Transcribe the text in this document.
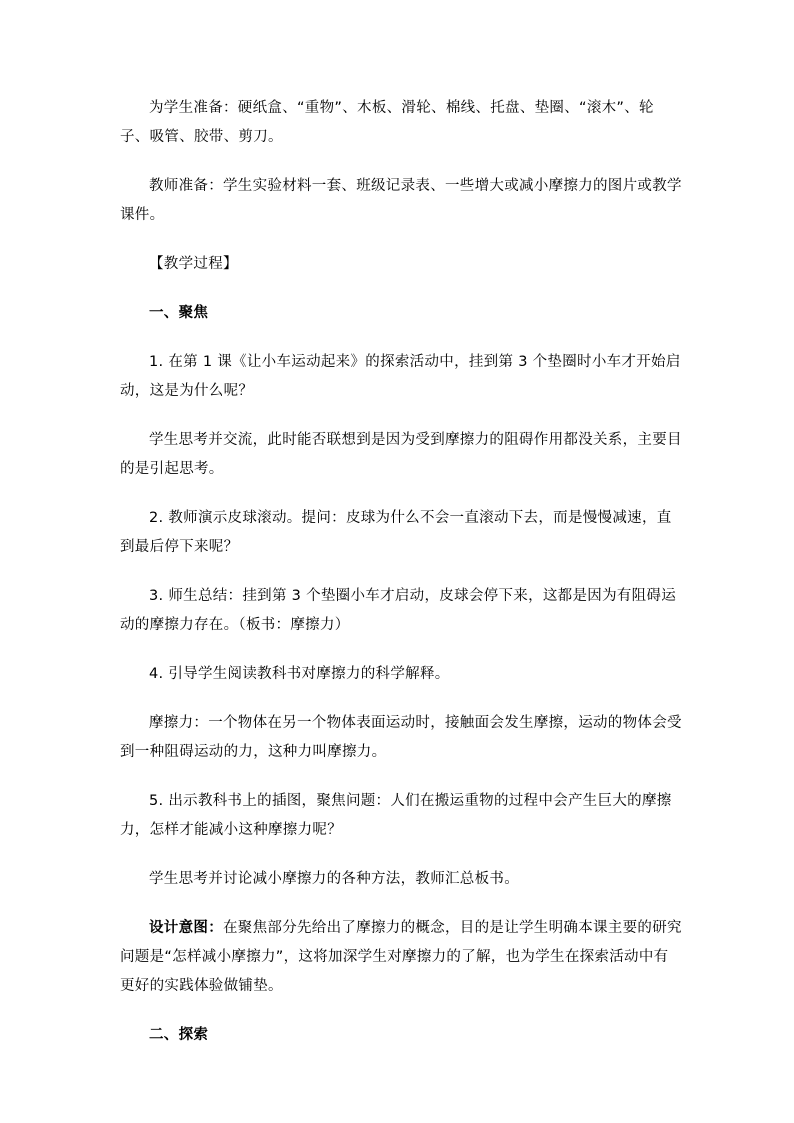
为学生准备：硬纸盒、“重物”、木板、滑轮、棉线、托盘、垫圈、“滚木”、轮子、吸管、胶带、剪刀。

教师准备：学生实验材料一套、班级记录表、一些增大或减小摩擦力的图片或教学课件。

【教学过程】

一、聚焦

1. 在第 1 课《让小车运动起来》的探索活动中，挂到第 3 个垫圈时小车才开始启动，这是为什么呢？

学生思考并交流，此时能否联想到是因为受到摩擦力的阻碍作用都没关系，主要目的是引起思考。

2. 教师演示皮球滚动。提问：皮球为什么不会一直滚动下去，而是慢慢减速，直到最后停下来呢？

3. 师生总结：挂到第 3 个垫圈小车才启动，皮球会停下来，这都是因为有阻碍运动的摩擦力存在。（板书：摩擦力）

4. 引导学生阅读教科书对摩擦力的科学解释。

摩擦力：一个物体在另一个物体表面运动时，接触面会发生摩擦，运动的物体会受到一种阻碍运动的力，这种力叫摩擦力。

5. 出示教科书上的插图，聚焦问题：人们在搬运重物的过程中会产生巨大的摩擦力，怎样才能减小这种摩擦力呢？

学生思考并讨论减小摩擦力的各种方法，教师汇总板书。

设计意图：在聚焦部分先给出了摩擦力的概念，目的是让学生明确本课主要的研究问题是“怎样减小摩擦力”，这将加深学生对摩擦力的了解，也为学生在探索活动中有更好的实践体验做铺垫。

二、探索
